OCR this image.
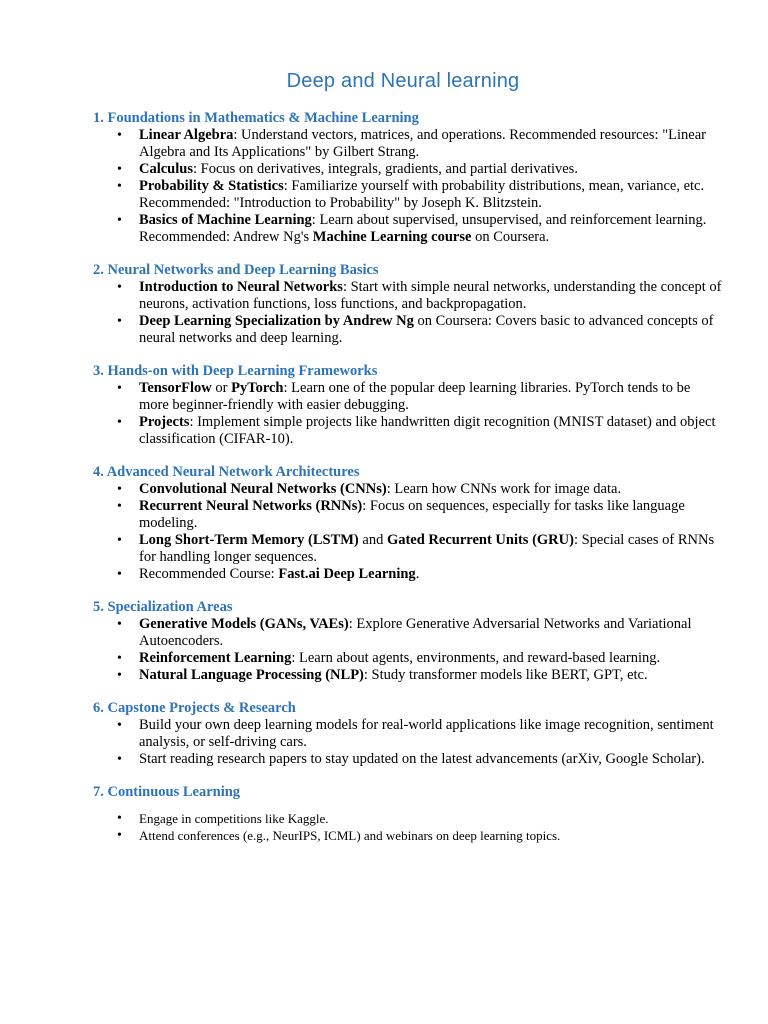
Deep and Neural learning
1. Foundations in Mathematics & Machine Learning
• Linear Algebra: Understand vectors, matrices, and operations. Recommended resources: "Linear Algebra and Its Applications" by Gilbert Strang.
• Calculus: Focus on derivatives, integrals, gradients, and partial derivatives.
• Probability & Statistics: Familiarize yourself with probability distributions, mean, variance, etc. Recommended: "Introduction to Probability" by Joseph K. Blitzstein.
• Basics of Machine Learning: Learn about supervised, unsupervised, and reinforcement learning. Recommended: Andrew Ng's Machine Learning course on Coursera.
2. Neural Networks and Deep Learning Basics
• Introduction to Neural Networks: Start with simple neural networks, understanding the concept of neurons, activation functions, loss functions, and backpropagation.
• Deep Learning Specialization by Andrew Ng on Coursera: Covers basic to advanced concepts of neural networks and deep learning.
3. Hands-on with Deep Learning Frameworks
• TensorFlow or PyTorch: Learn one of the popular deep learning libraries. PyTorch tends to be more beginner-friendly with easier debugging.
• Projects: Implement simple projects like handwritten digit recognition (MNIST dataset) and object classification (CIFAR-10).
4. Advanced Neural Network Architectures
• Convolutional Neural Networks (CNNs): Learn how CNNs work for image data.
• Recurrent Neural Networks (RNNs): Focus on sequences, especially for tasks like language modeling.
• Long Short-Term Memory (LSTM) and Gated Recurrent Units (GRU): Special cases of RNNs for handling longer sequences.
• Recommended Course: Fast.ai Deep Learning.
5. Specialization Areas
• Generative Models (GANs, VAEs): Explore Generative Adversarial Networks and Variational Autoencoders.
• Reinforcement Learning: Learn about agents, environments, and reward-based learning.
• Natural Language Processing (NLP): Study transformer models like BERT, GPT, etc.
6. Capstone Projects & Research
• Build your own deep learning models for real-world applications like image recognition, sentiment analysis, or self-driving cars.
• Start reading research papers to stay updated on the latest advancements (arXiv, Google Scholar).
7. Continuous Learning
• Engage in competitions like Kaggle.
• Attend conferences (e.g., NeurIPS, ICML) and webinars on deep learning topics.
